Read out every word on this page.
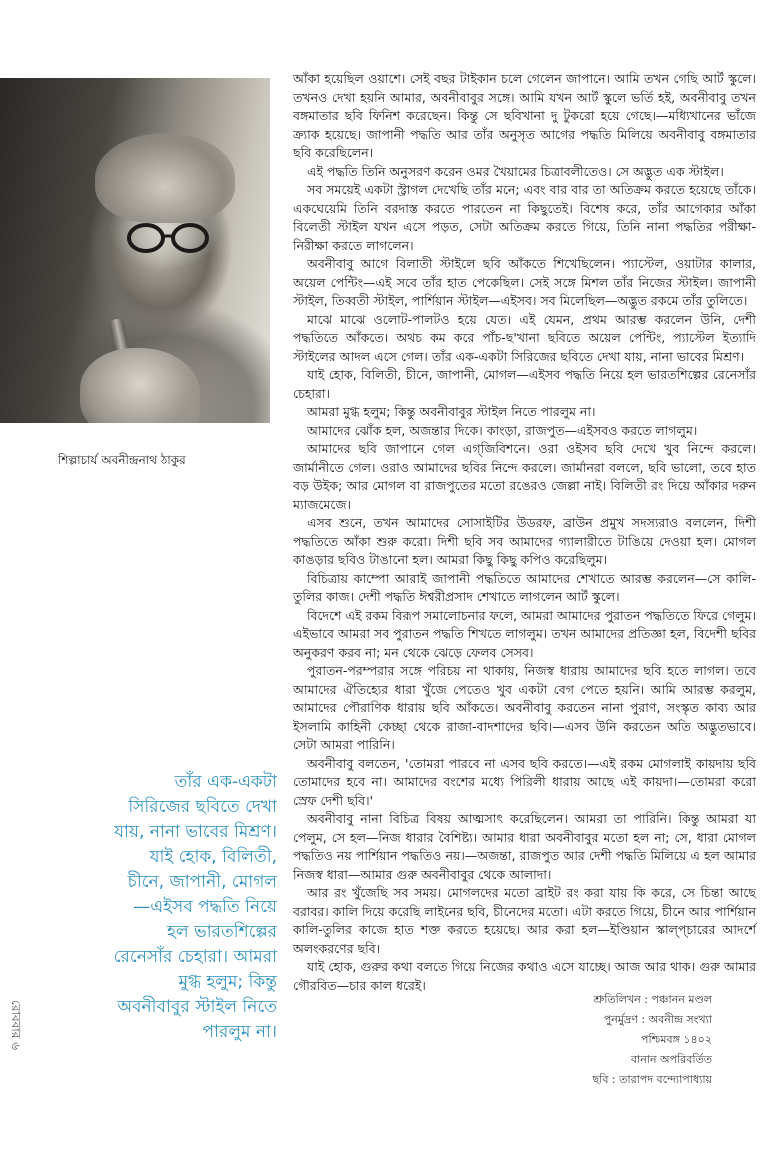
শিল্পাচার্য অবনীন্দ্রনাথ ঠাকুর

তাঁর এক-একটা সিরিজের ছবিতে দেখা যায়, নানা ভাবের মিশ্রণ। যাই হোক, বিলিতী, চীনে, জাপানী, মোগল—এইসব পদ্ধতি নিয়ে হল ভারতশিল্পের রেনেসাঁর চেহারা। আমরা মুগ্ধ হলুম; কিন্তু অবনীবাবুর স্টাইল নিতে পারলুম না।

আঁকা হয়েছিল ওয়াশে। সেই বছর টাইকান চলে গেলেন জাপানে। আমি তখন গেছি আর্ট স্কুলে। তখনও দেখা হয়নি আমার, অবনীবাবুর সঙ্গে। আমি যখন আর্ট স্কুলে ভর্তি হই, অবনীবাবু তখন বঙ্গমাতার ছবি ফিনিশ করেছেন। কিন্তু সে ছবিখানা দু টুকরো হয়ে গেছে।—মধ্যিখানের ভাঁজে ক্র্যাক হয়েছে। জাপানী পদ্ধতি আর তাঁর অনুসৃত আগের পদ্ধতি মিলিয়ে অবনীবাবু বঙ্গমাতার ছবি করেছিলেন।

এই পদ্ধতি তিনি অনুসরণ করেন ওমর খৈয়ামের চিত্রাবলীতেও। সে অদ্ভুত এক স্টাইল।

সব সময়েই একটা স্ট্রাগল দেখেছি তাঁর মনে; এবং বার বার তা অতিক্রম করতে হয়েছে তাঁকে। একঘেয়েমি তিনি বরদাস্ত করতে পারতেন না কিছুতেই। বিশেষ করে, তাঁর আগেকার আঁকা বিলেতী স্টাইল যখন এসে পড়ত, সেটা অতিক্রম করতে গিয়ে, তিনি নানা পদ্ধতির পরীক্ষা-নিরীক্ষা করতে লাগলেন।

অবনীবাবু আগে বিলাতী স্টাইলে ছবি আঁকতে শিখেছিলেন। প্যাস্টেল, ওয়াটার কালার, অয়েল পেন্টিং—এই সবে তাঁর হাত পেকেছিল। সেই সঙ্গে মিশল তাঁর নিজের স্টাইল। জাপানী স্টাইল, তিব্বতী স্টাইল, পার্শিয়ান স্টাইল—এইসব। সব মিলেছিল—অদ্ভুত রকমে তাঁর তুলিতে।

মাঝে মাঝে ওলোট-পালটও হয়ে যেত। এই যেমন, প্রথম আরম্ভ করলেন উনি, দেশী পদ্ধতিতে আঁকতে। অথচ কম করে পাঁচ-ছ'খানা ছবিতে অয়েল পেন্টিং, প্যাস্টেল ইত্যাদি স্টাইলের আদল এসে গেল। তাঁর এক-একটা সিরিজের ছবিতে দেখা যায়, নানা ভাবের মিশ্রণ।

যাই হোক, বিলিতী, চীনে, জাপানী, মোগল—এইসব পদ্ধতি নিয়ে হল ভারতশিল্পের রেনেসাঁর চেহারা।

আমরা মুগ্ধ হলুম; কিন্তু অবনীবাবুর স্টাইল নিতে পারলুম না।

আমাদের ঝোঁক হল, অজন্তার দিকে। কাংড়া, রাজপুত—এইসবও করতে লাগলুম।

আমাদের ছবি জাপানে গেল এগ্‌জিবিশনে। ওরা ওইসব ছবি দেখে খুব নিন্দে করলে। জার্মানীতে গেল। ওরাও আমাদের ছবির নিন্দে করলে। জার্মানরা বললে, ছবি ভালো, তবে হাত বড় উইক; আর মোগল বা রাজপুতের মতো রঙেরও জেল্লা নাই। বিলিতী রং দিয়ে আঁকার দরুন ম্যাজমেজে।

এসব শুনে, তখন আমাদের সোসাইটির উডরফ, ব্রাউন প্রমুখ সদস্যরাও বললেন, দিশী পদ্ধতিতে আঁকা শুরু করো। দিশী ছবি সব আমাদের গ্যালারীতে টাঙিয়ে দেওয়া হল। মোগল কাঙড়ার ছবিও টাঙানো হল। আমরা কিছু কিছু কপিও করেছিলুম।

বিচিত্রায় কাম্পো আরাই জাপানী পদ্ধতিতে আমাদের শেখাতে আরম্ভ করলেন—সে কালি-তুলির কাজ। দেশী পদ্ধতি ঈশ্বরীপ্রসাদ শেখাতে লাগলেন আর্ট স্কুলে।

বিদেশে এই রকম বিরূপ সমালোচনার ফলে, আমরা আমাদের পুরাতন পদ্ধতিতে ফিরে গেলুম। এইভাবে আমরা সব পুরাতন পদ্ধতি শিখতে লাগলুম। তখন আমাদের প্রতিজ্ঞা হল, বিদেশী ছবির অনুকরণ করব না; মন থেকে ঝেড়ে ফেলব সেসব।

পুরাতন-পরম্পরার সঙ্গে পরিচয় না থাকায়, নিজস্ব ধারায় আমাদের ছবি হতে লাগল। তবে আমাদের ঐতিহ্যের ধারা খুঁজে পেতেও খুব একটা বেগ পেতে হয়নি। আমি আরম্ভ করলুম, আমাদের পৌরাণিক ধারায় ছবি আঁকতে। অবনীবাবু করতেন নানা পুরাণ, সংস্কৃত কাব্য আর ইসলামি কাহিনী কেচ্ছা থেকে রাজা-বাদশাদের ছবি।—এসব উনি করতেন অতি অদ্ভুতভাবে। সেটা আমরা পারিনি।

অবনীবাবু বলতেন, 'তোমরা পারবে না এসব ছবি করতে।—এই রকম মোগলাই কায়দায় ছবি তোমাদের হবে না। আমাদের বংশের মধ্যে পিরিলী ধারায় আছে এই কায়দা।—তোমরা করো স্রেফ দেশী ছবি।'

অবনীবাবু নানা বিচিত্র বিষয় আত্মসাৎ করেছিলেন। আমরা তা পারিনি। কিন্তু আমরা যা পেলুম, সে হল—নিজ ধারার বৈশিষ্ট্য। আমার ধারা অবনীবাবুর মতো হল না; সে, ধারা মোগল পদ্ধতিও নয় পার্শিয়ান পদ্ধতিও নয়।—অজন্তা, রাজপুত আর দেশী পদ্ধতি মিলিয়ে এ হল আমার নিজস্ব ধারা—আমার গুরু অবনীবাবুর থেকে আলাদা।

আর রং খুঁজেছি সব সময়। মোগলদের মতো ব্রাইট রং করা যায় কি করে, সে চিন্তা আছে বরাবর। কালি দিয়ে করেছি লাইনের ছবি, চীনেদের মতো। এটা করতে গিয়ে, চীনে আর পার্শিয়ান কালি-তুলির কাজে হাত শক্ত করতে হয়েছে। আর করা হল—ইণ্ডিয়ান স্কাল্‌প্চারের আদর্শে অলংকরণের ছবি।

যাই হোক, গুরুর কথা বলতে গিয়ে নিজের কথাও এসে যাচ্ছে। আজ আর থাক। গুরু আমার গৌরবিত—চার কাল ধরেই।

শ্রুতিলিখন : পঞ্চানন মণ্ডল
পুনর্মুদ্রণ : অবনীন্দ্র সংখ্যা
পশ্চিমবঙ্গ ১৪০২
বানান অপরিবর্তিত
ছবি : তারাপদ বন্দ্যোপাধ্যায়
রোববার ৬
